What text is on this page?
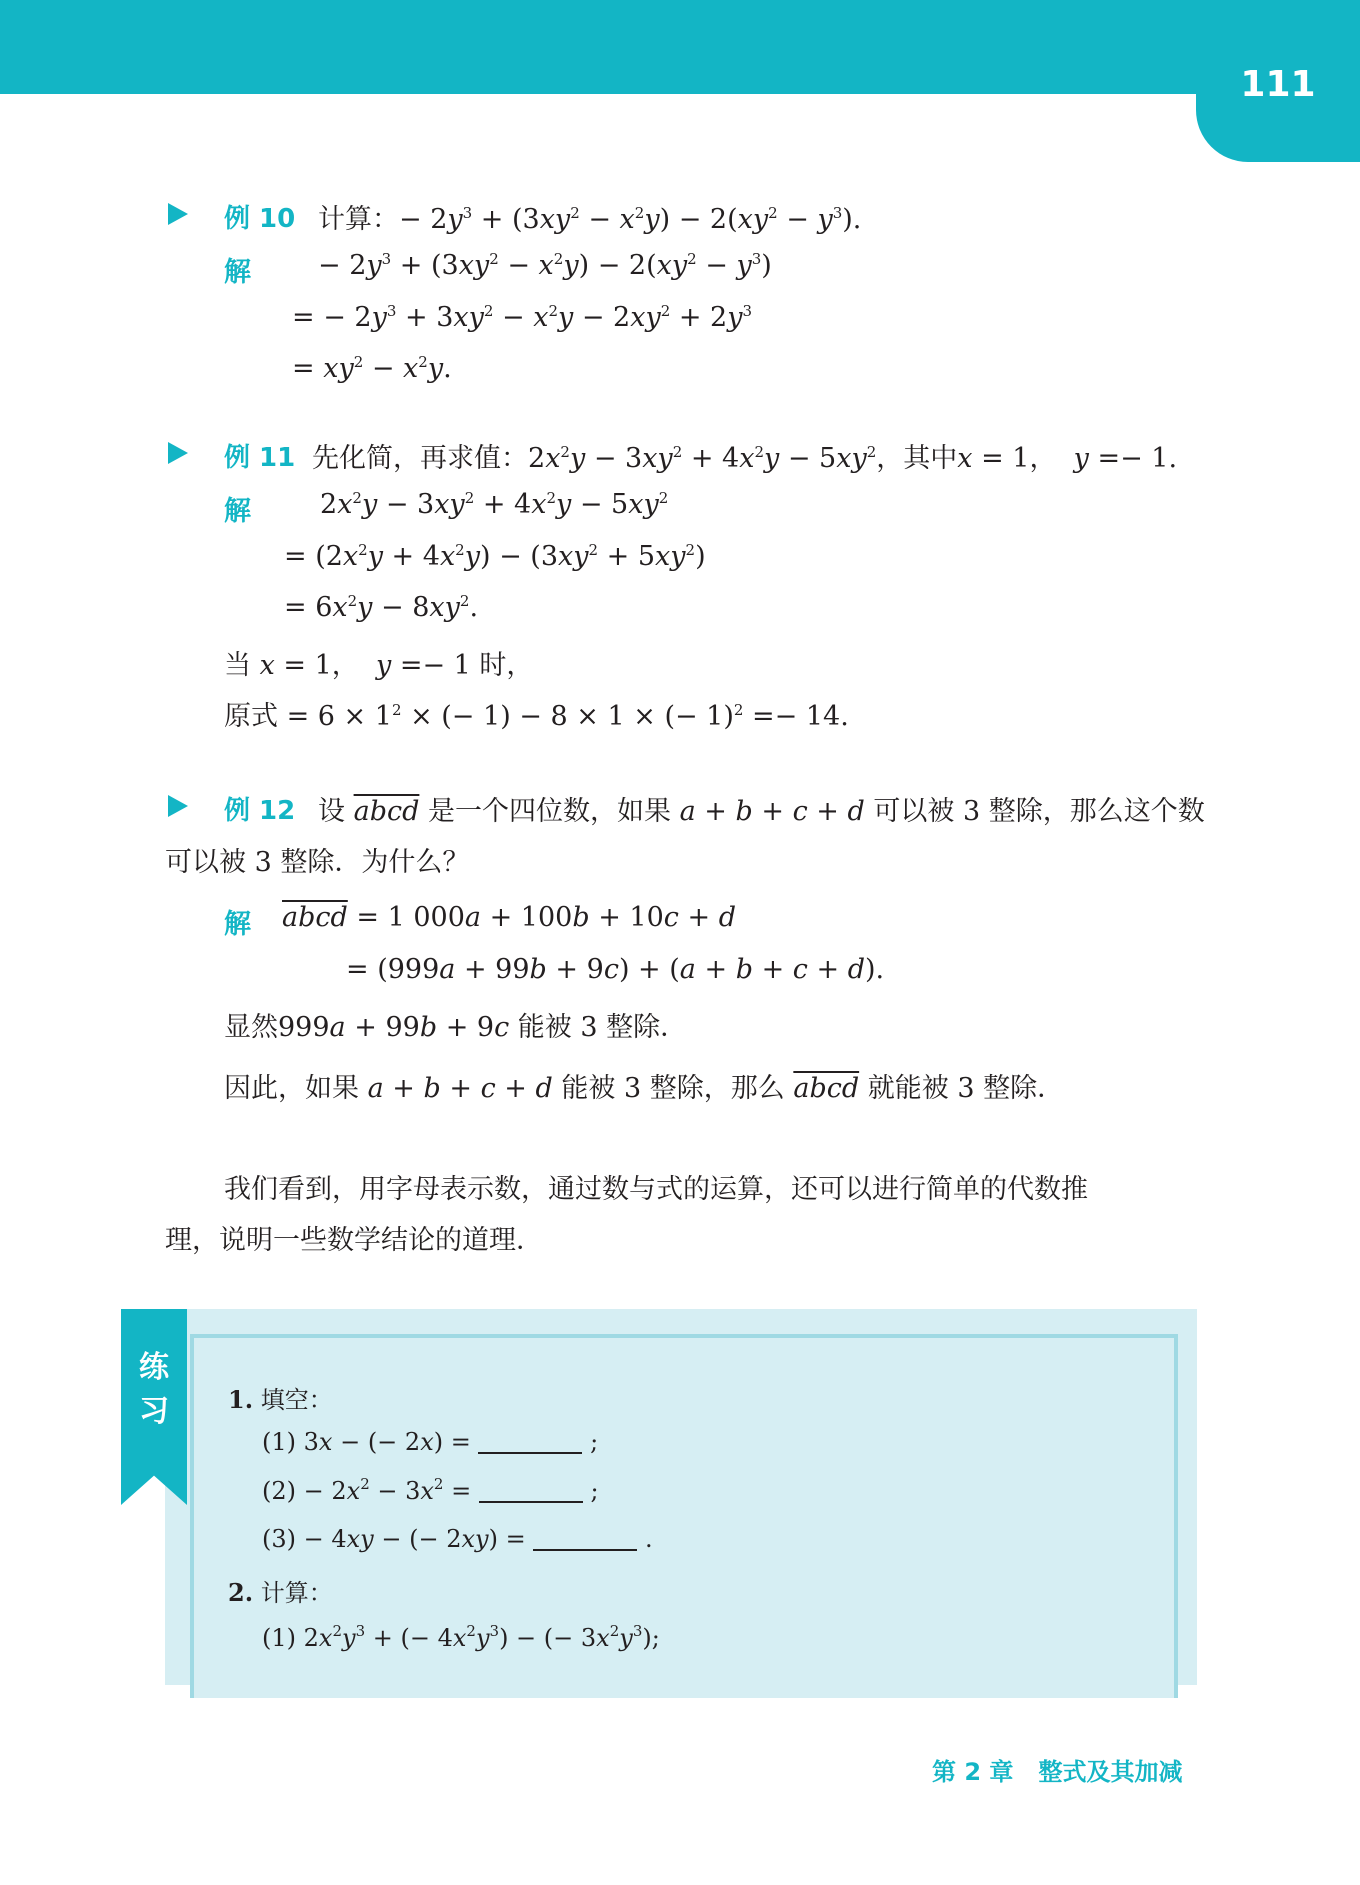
111
例 10 计算：− $2y^3 + (3xy^2 - x^2y) - 2(xy^2 - y^3)$.
解 − $2y^3 + (3xy^2 - x^2y) - 2(xy^2 - y^3)$
= − $2y^3 + 3xy^2 - x^2y - 2xy^2 + 2y^3$
= $xy^2 - x^2y$.
例 11 先化简，再求值：$2x^2y - 3xy^2 + 4x^2y - 5xy^2$，其中x = 1，  y =− 1.
解	$2x^2y - 3xy^2 + 4x^2y - 5xy^2$
= $(2x^2y + 4x^2y) - (3xy^2 + 5xy^2)$
= $6x^2y - 8xy^2$.
当 x = 1，  y =− 1 时，
原式 = $6 \times 1^2$ × (− 1) − 8 × 1 × (− 1)$^2$ =− 14.
例 12 设 abcd 是一个四位数，如果 a + b + c + d 可以被 3 整除，那么这个数
可以被 3 整除．为什么？
解 abcd = 1 000a + 100b + 10c + d
= (999a + 99b + 9c) + (a + b + c + d).
显然999a + 99b + 9c 能被 3 整除．
因此，如果 a + b + c + d 能被 3 整除，那么 abcd 就能被 3 整除．
我们看到，用字母表示数，通过数与式的运算，还可以进行简单的代数推
理，说明一些数学结论的道理．
练
习	1. 填空：
(1) 3x − (− 2x) =	;
$(2) - 2x^2 - 3x^2$ =	;
(3) − 4xy − (− 2xy) =	.
2. 计算：
(1) $2x^2y^3$ + (− $4x^2y^3$) − (− $3x^2y^3$);
第 2 章 整式及其加减
